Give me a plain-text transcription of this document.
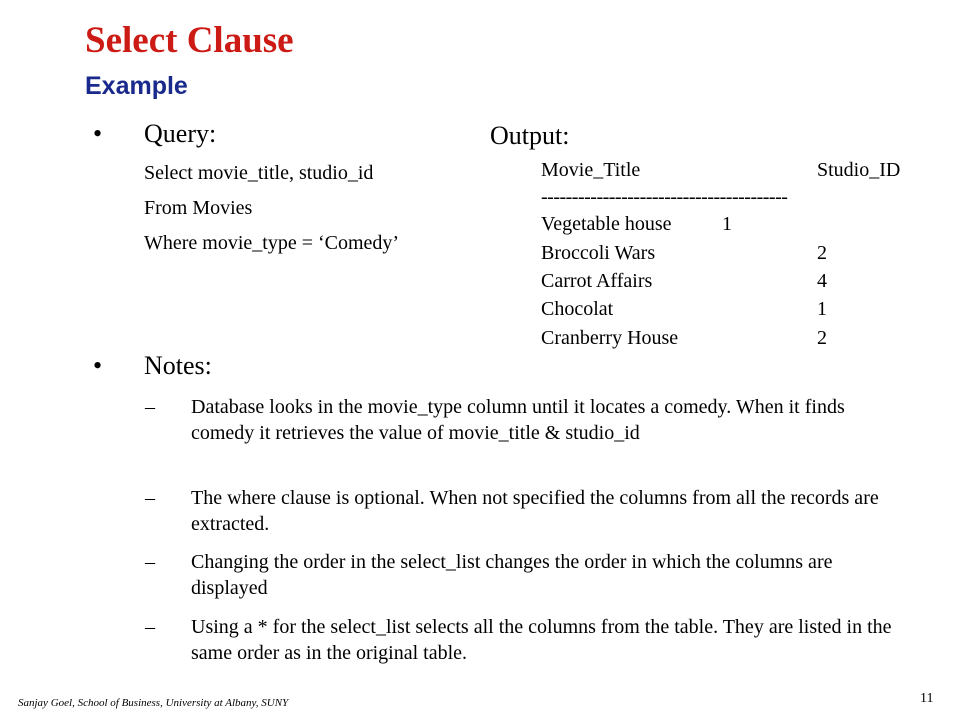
Select Clause
Example
• Query:
Select movie_title, studio_id
From Movies
Where movie_type = ‘Comedy’
Output:
Movie_Title	Studio_ID
----------------------------------------
Vegetable house	1
Broccoli Wars	2
Carrot Affairs	4
Chocolat	1
Cranberry House	2
• Notes:
– Database looks in the movie_type column until it locates a comedy. When it finds comedy it retrieves the value of movie_title & studio_id
– The where clause is optional. When not specified the columns from all the records are extracted.
– Changing the order in the select_list changes the order in which the columns are displayed
– Using a * for the select_list selects all the columns from the table. They are listed in the same order as in the original table.
Sanjay Goel, School of Business, University at Albany, SUNY	11
